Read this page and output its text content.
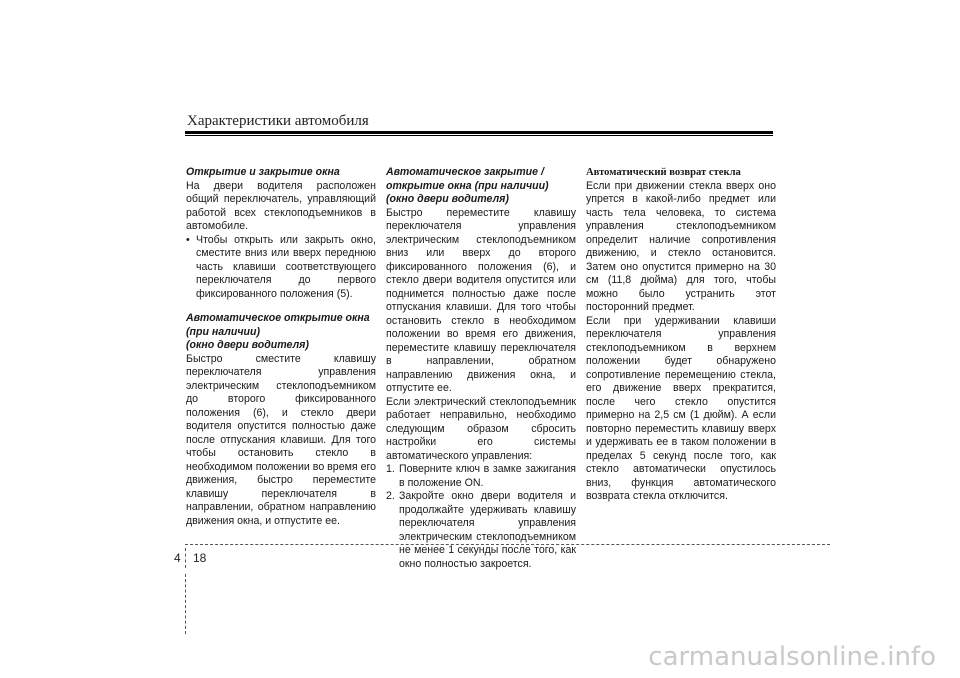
Характеристики автомобиля

Открытие и закрытие окна

На двери водителя расположен общий переключатель, управляющий работой всех стеклоподъемников в автомобиле.

• Чтобы открыть или закрыть окно, сместите вниз или вверх переднюю часть клавиши соответствующего переключателя до первого фиксированного положения (5).

Автоматическое открытие окна

(при наличии)

(окно двери водителя)

Быстро сместите клавишу переключателя управления электрическим стеклоподъемником до второго фиксированного положения (6), и стекло двери водителя опустится полностью даже после отпускания клавиши. Для того чтобы остановить стекло в необходимом положении во время его движения, быстро переместите клавишу переключателя в направлении, обратном направлению движения окна, и отпустите ее.

Автоматическое закрытие /

открытие окна (при наличии)

(окно двери водителя)

Быстро переместите клавишу переключателя управления электрическим стеклоподъемником вниз или вверх до второго фиксированного положения (6), и стекло двери водителя опустится или поднимется полностью даже после отпускания клавиши. Для того чтобы остановить стекло в необходимом положении во время его движения, переместите клавишу переключателя в направлении, обратном направлению движения окна, и отпустите ее.

Если электрический стеклоподъемник работает неправильно, необходимо следующим образом сбросить настройки его системы автоматического управления:

1. Поверните ключ в замке зажигания в положение ON.
2. Закройте окно двери водителя и продолжайте удерживать клавишу переключателя управления электрическим стеклоподъемником не менее 1 секунды после того, как окно полностью закроется.

Автоматический возврат стекла

Если при движении стекла вверх оно упрется в какой-либо предмет или часть тела человека, то система управления стеклоподъемником определит наличие сопротивления движению, и стекло остановится. Затем оно опустится примерно на 30 см (11,8 дюйма) для того, чтобы можно было устранить этот посторонний предмет.

Если при удерживании клавиши переключателя управления стеклоподъемником в верхнем положении будет обнаружено сопротивление перемещению стекла, его движение вверх прекратится, после чего стекло опустится примерно на 2,5 см (1 дюйм). А если повторно переместить клавишу вверх и удерживать ее в таком положении в пределах 5 секунд после того, как стекло автоматически опустилось вниз, функция автоматического возврата стекла отключится.

4 18
carmanualsonline.info
